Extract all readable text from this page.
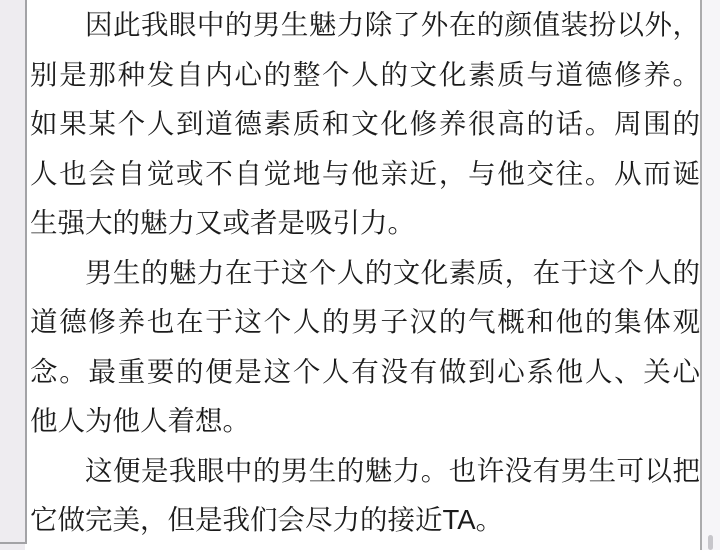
因此我眼中的男生魅力除了外在的颜值装扮以外，
别是那种发自内心的整个人的文化素质与道德修养。
如果某个人到道德素质和文化修养很高的话。周围的
人也会自觉或不自觉地与他亲近，与他交往。从而诞
生强大的魅力又或者是吸引力。
男生的魅力在于这个人的文化素质，在于这个人的
道德修养也在于这个人的男子汉的气概和他的集体观
念。最重要的便是这个人有没有做到心系他人、关心
他人为他人着想。
这便是我眼中的男生的魅力。也许没有男生可以把
它做完美，但是我们会尽力的接近TA。
